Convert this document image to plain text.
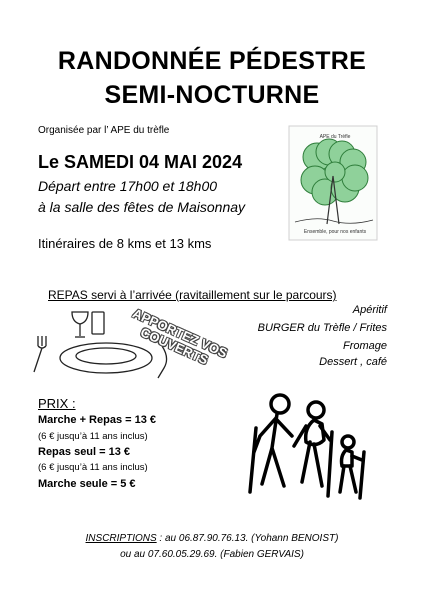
RANDONNÉE PÉDESTRE
SEMI-NOCTURNE
Organisée par l’ APE du trèfle
APE du Trèfle
Ensemble, pour nos enfants
Le SAMEDI 04 MAI 2024
Départ entre 17h00 et 18h00
à la salle des fêtes de Maisonnay
Itinéraires de 8 kms et 13 kms
REPAS servi à l’arrivée (ravitaillement sur le parcours)
APPORTEZ VOS COUVERTS
Apéritif
BURGER du Trèfle / Frites
Fromage
Dessert , café
PRIX :
Marche + Repas = 13 €
(6 € jusqu’à 11 ans inclus)
Repas seul = 13 €
(6 € jusqu’à 11 ans inclus)
Marche seule = 5 €
INSCRIPTIONS : au 06.87.90.76.13. (Yohann BENOIST)
ou au 07.60.05.29.69. (Fabien GERVAIS)
